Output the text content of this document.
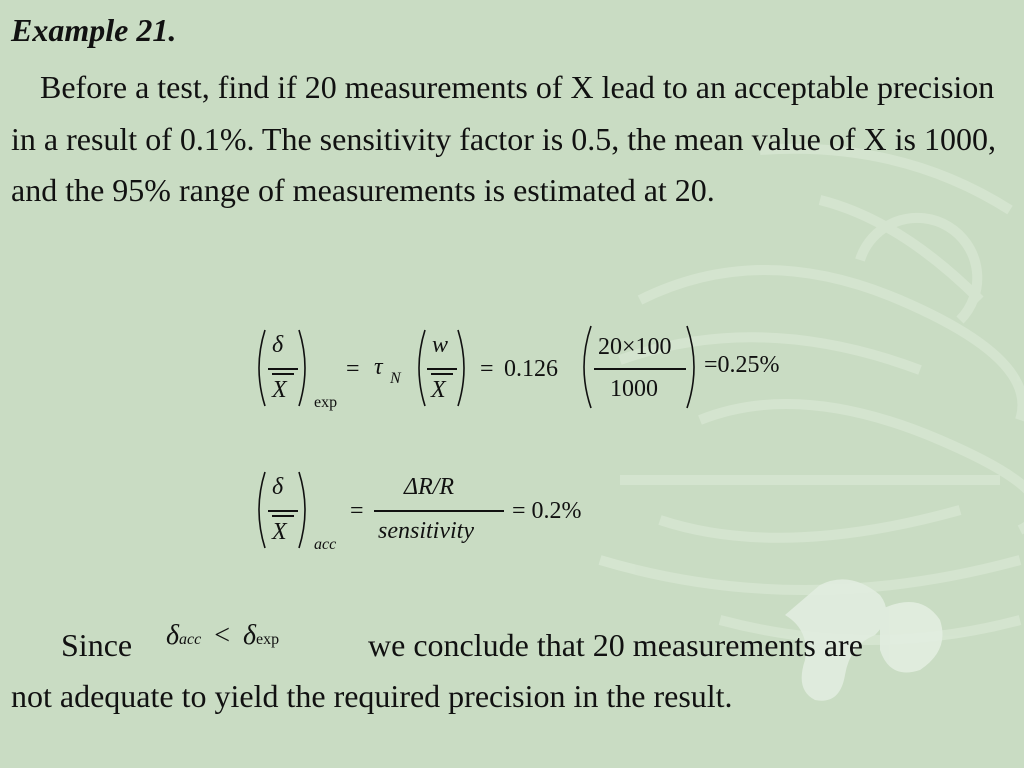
Example 21.
Before a test, find if 20 measurements of X lead to an acceptable precision in a result of 0.1%. The sensitivity factor is 0.5, the mean value of X is 1000, and the 95% range of measurements is estimated at 20.
δ
X exp
= τ N
w
X
= 0.126
20×100
1000
=0.25%
δ
X acc
=
ΔR/R
sensitivity
= 0.2%
Since δacc < δexp	we conclude that 20 measurements are
not adequate to yield the required precision in the result.
